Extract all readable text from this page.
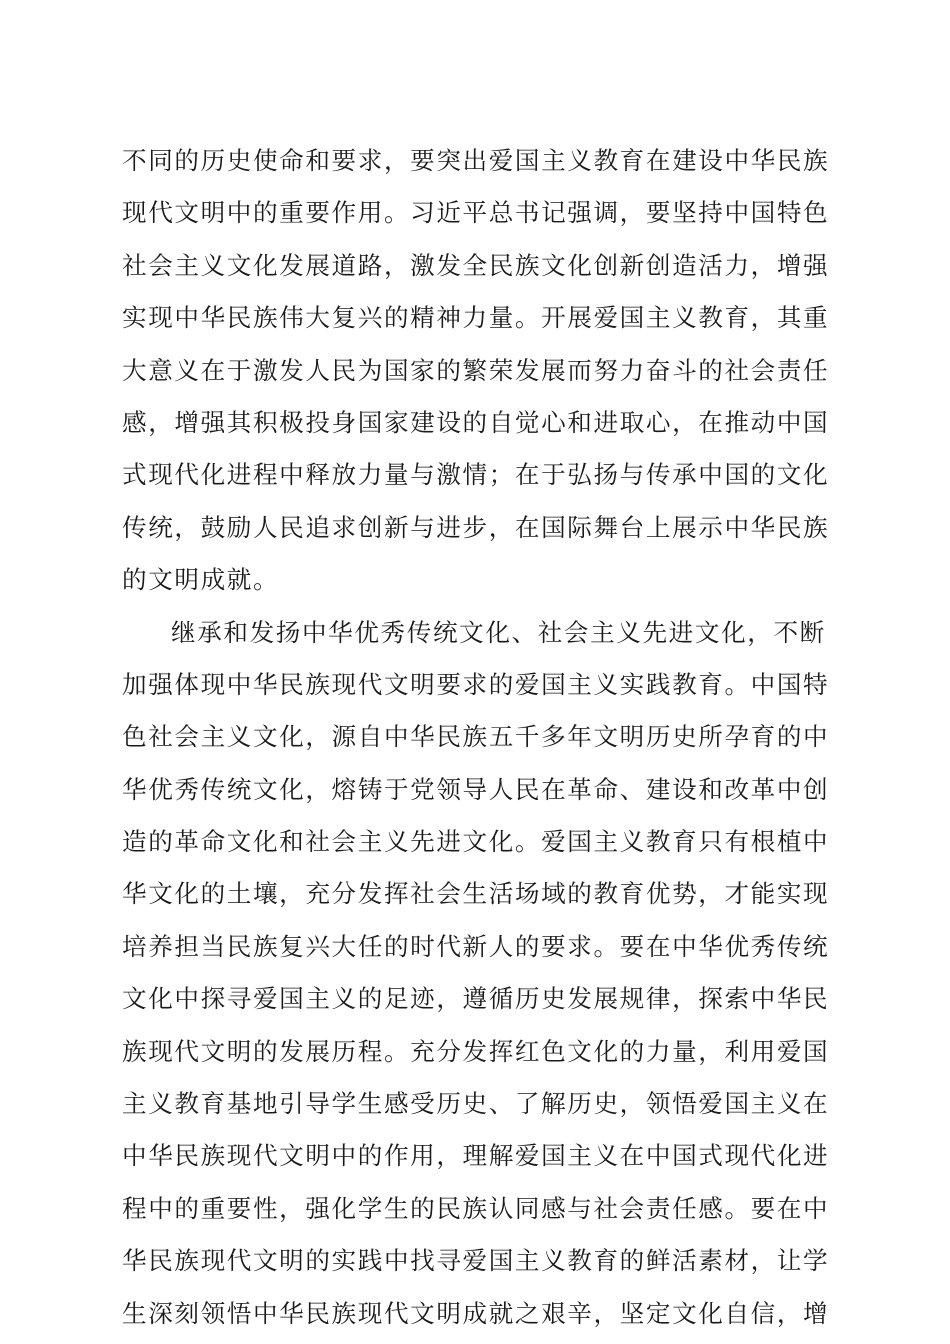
不同的历史使命和要求，要突出爱国主义教育在建设中华民族
现代文明中的重要作用。习近平总书记强调，要坚持中国特色
社会主义文化发展道路，激发全民族文化创新创造活力，增强
实现中华民族伟大复兴的精神力量。开展爱国主义教育，其重
大意义在于激发人民为国家的繁荣发展而努力奋斗的社会责任
感，增强其积极投身国家建设的自觉心和进取心，在推动中国
式现代化进程中释放力量与激情；在于弘扬与传承中国的文化
传统，鼓励人民追求创新与进步，在国际舞台上展示中华民族
的文明成就。
继承和发扬中华优秀传统文化、社会主义先进文化，不断
加强体现中华民族现代文明要求的爱国主义实践教育。中国特
色社会主义文化，源自中华民族五千多年文明历史所孕育的中
华优秀传统文化，熔铸于党领导人民在革命、建设和改革中创
造的革命文化和社会主义先进文化。爱国主义教育只有根植中
华文化的土壤，充分发挥社会生活场域的教育优势，才能实现
培养担当民族复兴大任的时代新人的要求。要在中华优秀传统
文化中探寻爱国主义的足迹，遵循历史发展规律，探索中华民
族现代文明的发展历程。充分发挥红色文化的力量，利用爱国
主义教育基地引导学生感受历史、了解历史，领悟爱国主义在
中华民族现代文明中的作用，理解爱国主义在中国式现代化进
程中的重要性，强化学生的民族认同感与社会责任感。要在中
华民族现代文明的实践中找寻爱国主义教育的鲜活素材，让学
生深刻领悟中华民族现代文明成就之艰辛，坚定文化自信，增
